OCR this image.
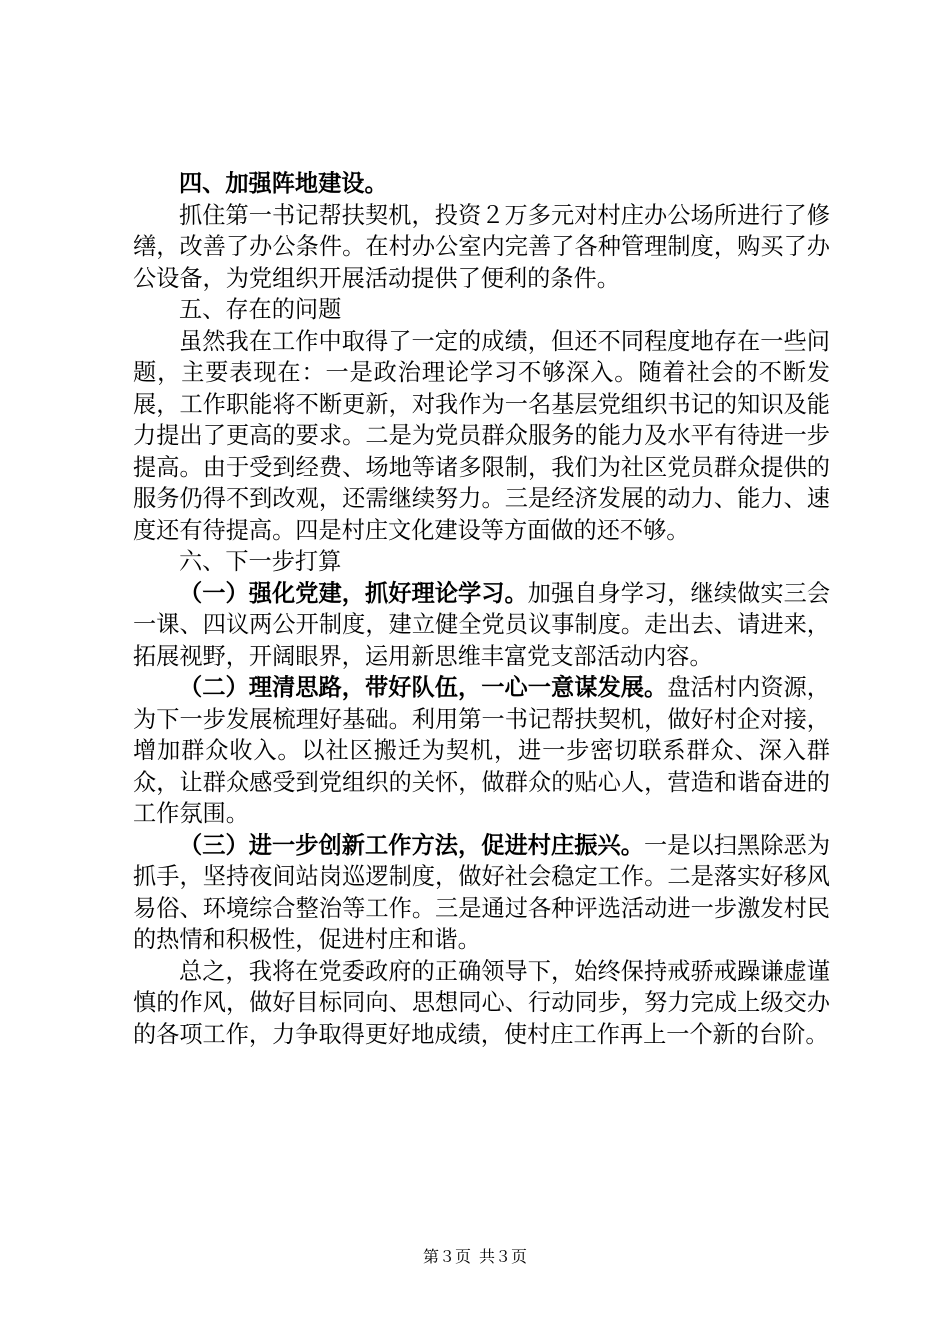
四、加强阵地建设。

抓住第一书记帮扶契机，投资２万多元对村庄办公场所进行了修缮，改善了办公条件。在村办公室内完善了各种管理制度，购买了办公设备，为党组织开展活动提供了便利的条件。

五、存在的问题

虽然我在工作中取得了一定的成绩，但还不同程度地存在一些问题，主要表现在：一是政治理论学习不够深入。随着社会的不断发展，工作职能将不断更新，对我作为一名基层党组织书记的知识及能力提出了更高的要求。二是为党员群众服务的能力及水平有待进一步提高。由于受到经费、场地等诸多限制，我们为社区党员群众提供的服务仍得不到改观，还需继续努力。三是经济发展的动力、能力、速度还有待提高。四是村庄文化建设等方面做的还不够。

六、下一步打算

（一）强化党建，抓好理论学习。加强自身学习，继续做实三会一课、四议两公开制度，建立健全党员议事制度。走出去、请进来，拓展视野，开阔眼界，运用新思维丰富党支部活动内容。

（二）理清思路，带好队伍，一心一意谋发展。盘活村内资源，为下一步发展梳理好基础。利用第一书记帮扶契机，做好村企对接，增加群众收入。以社区搬迁为契机，进一步密切联系群众、深入群众，让群众感受到党组织的关怀，做群众的贴心人，营造和谐奋进的工作氛围。

（三）进一步创新工作方法，促进村庄振兴。一是以扫黑除恶为抓手，坚持夜间站岗巡逻制度，做好社会稳定工作。二是落实好移风易俗、环境综合整治等工作。三是通过各种评选活动进一步激发村民的热情和积极性，促进村庄和谐。

总之，我将在党委政府的正确领导下，始终保持戒骄戒躁谦虚谨慎的作风，做好目标同向、思想同心、行动同步，努力完成上级交办的各项工作，力争取得更好地成绩，使村庄工作再上一个新的台阶。

第３页 共３页
